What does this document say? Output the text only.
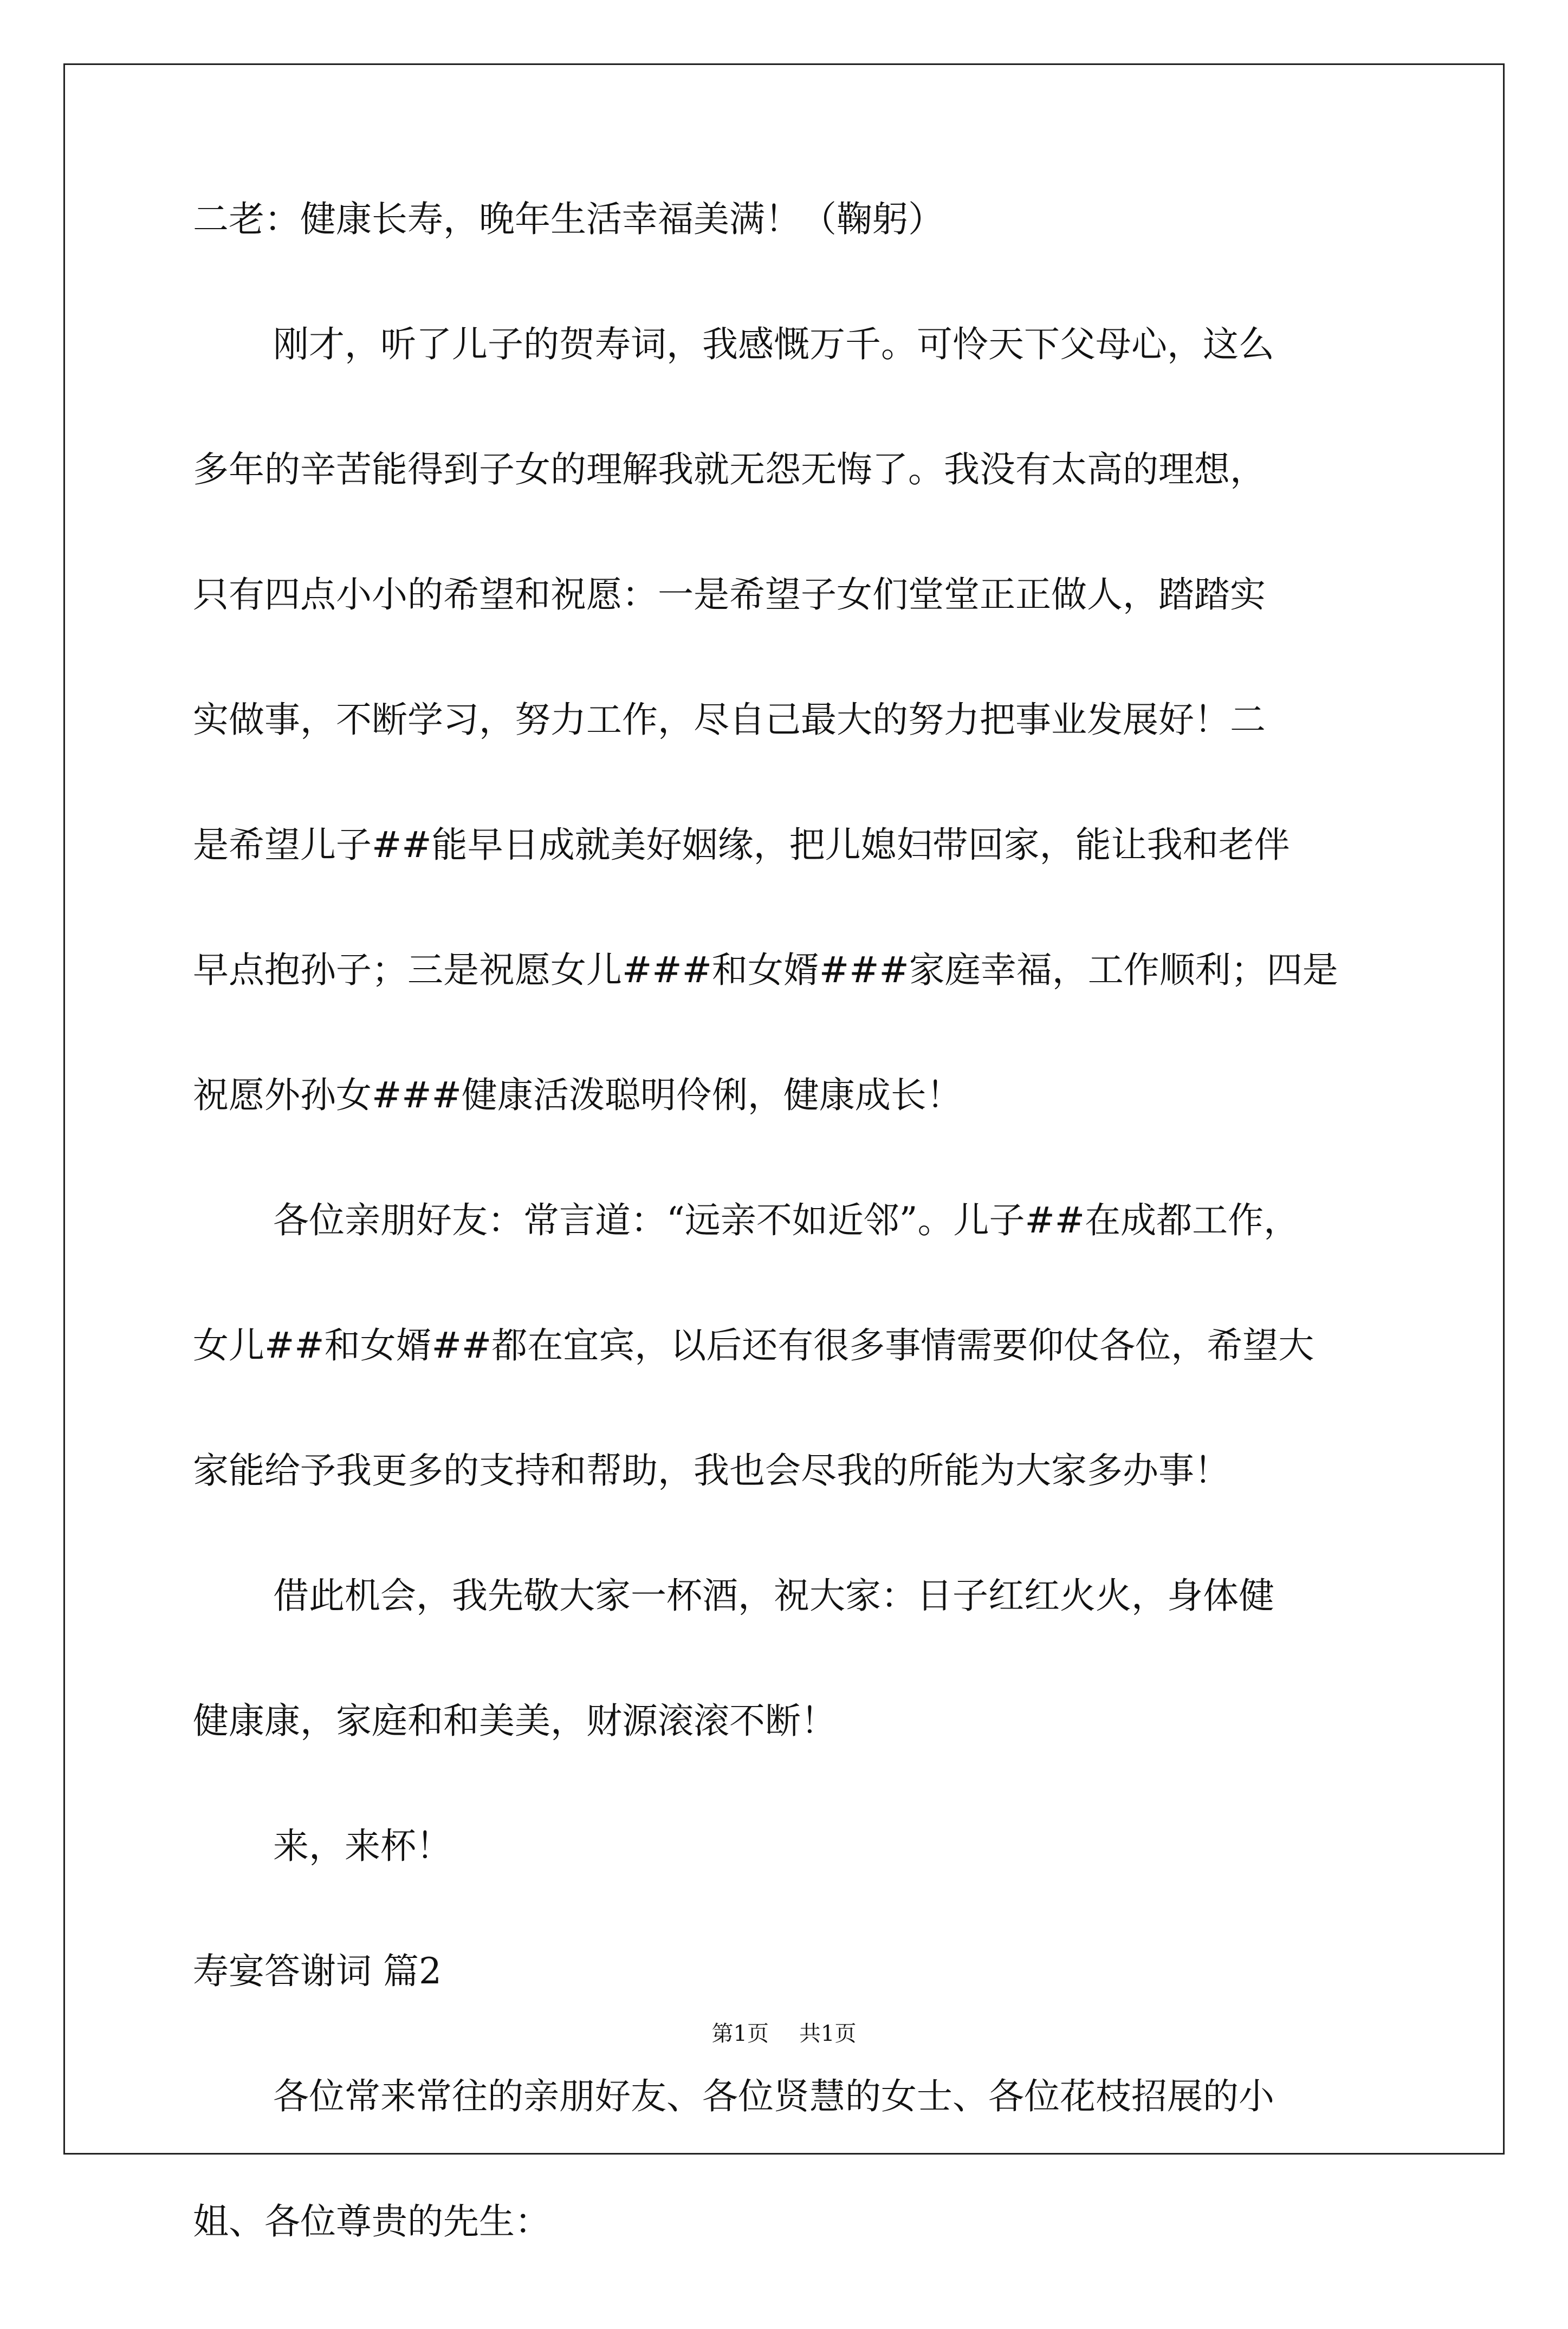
二老：健康长寿，晚年生活幸福美满！（鞠躬）
刚才，听了儿子的贺寿词，我感慨万千。可怜天下父母心，这么
多年的辛苦能得到子女的理解我就无怨无悔了。我没有太高的理想，
只有四点小小的希望和祝愿：一是希望子女们堂堂正正做人，踏踏实
实做事，不断学习，努力工作，尽自己最大的努力把事业发展好！二
是希望儿子##能早日成就美好姻缘，把儿媳妇带回家，能让我和老伴
早点抱孙子；三是祝愿女儿###和女婿###家庭幸福，工作顺利；四是
祝愿外孙女###健康活泼聪明伶俐，健康成长！
各位亲朋好友：常言道：“远亲不如近邻”。儿子##在成都工作，
女儿##和女婿##都在宜宾，以后还有很多事情需要仰仗各位，希望大
家能给予我更多的支持和帮助，我也会尽我的所能为大家多办事！
借此机会，我先敬大家一杯酒，祝大家：日子红红火火，身体健
健康康，家庭和和美美，财源滚滚不断！
来，来杯！
寿宴答谢词 篇2
各位常来常往的亲朋好友、各位贤慧的女士、各位花枝招展的小
姐、各位尊贵的先生：
第1页 共1页
